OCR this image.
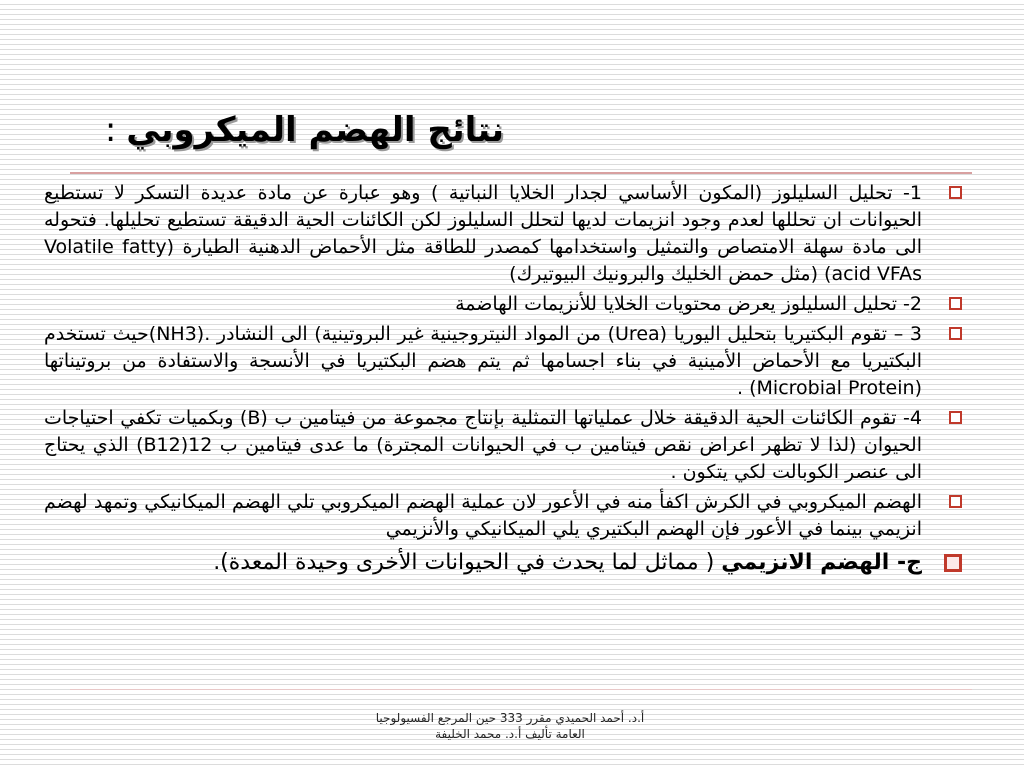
نتائج الهضم الميكروبي:
1- تحليل السليلوز (المكون الأساسي لجدار الخلايا النباتية ) وهو عبارة عن مادة عديدة التسكر لا تستطيع الحيوانات ان تحللها لعدم وجود انزيمات لديها لتحلل السليلوز لكن الكائنات الحية الدقيقة تستطيع تحليلها. فتحوله الى مادة سهلة الامتصاص والتمثيل واستخدامها كمصدر للطاقة مثل الأحماض الدهنية الطيارة (Volatile fatty acid VFAs) (مثل حمض الخليك والبرونيك البيوتيرك)
2- تحليل السليلوز يعرض محتويات الخلايا للأنزيمات الهاضمة
3 – تقوم البكتيريا بتحليل اليوريا (Urea) من المواد النيتروجينية غير البروتينية) الى النشادر .(NH3)حيث تستخدم البكتيريا مع الأحماض الأمينية في بناء اجسامها ثم يتم هضم البكتيريا في الأنسجة والاستفادة من بروتيناتها (Microbial Protein) .
4- تقوم الكائنات الحية الدقيقة خلال عملياتها التمثلية بإنتاج مجموعة من فيتامين ب (B) وبكميات تكفي احتياجات الحيوان (لذا لا تظهر اعراض نقص فيتامين ب في الحيوانات المجترة) ما عدى فيتامين ب 12(B12) الذي يحتاج الى عنصر الكوبالت لكي يتكون .
الهضم الميكروبي في الكرش اكفأ منه في الأعور لان عملية الهضم الميكروبي تلي الهضم الميكانيكي وتمهد لهضم انزيمي بينما في الأعور فإن الهضم البكتيري يلي الميكانيكي والأنزيمي
ج- الهضم الانزيمي ( مماثل لما يحدث في الحيوانات الأخرى وحيدة المعدة).
أ.د. أحمد الحميدي مقرر 333 حين المرجع الفسيولوجيا
العامة تأليف أ.د. محمد الخليفة
